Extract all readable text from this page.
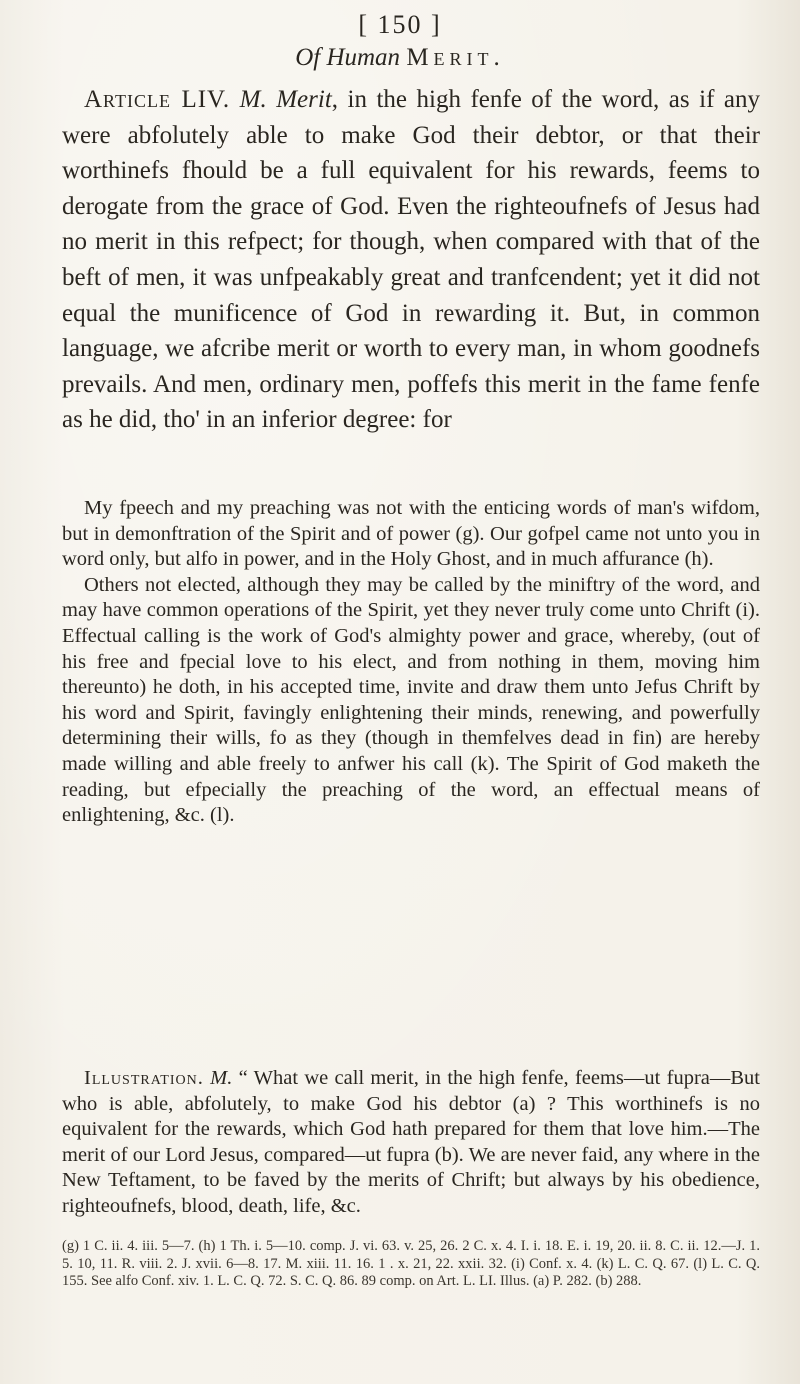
[ 150 ]
Of Human Merit.

Article LIV. M. Merit, in the high fenfe of the word, as if any were abfolutely able to make God their debtor, or that their worthinefs fhould be a full equivalent for his rewards, feems to derogate from the grace of God. Even the righteoufnefs of Jesus had no merit in this refpect; for though, when compared with that of the beft of men, it was unfpeakably great and tranfcendent; yet it did not equal the munificence of God in rewarding it. But, in common language, we afcribe merit or worth to every man, in whom goodnefs prevails. And men, ordinary men, poffefs this merit in the fame fenfe as he did, tho' in an inferior degree: for

My fpeech and my preaching was not with the enticing words of man's wifdom, but in demonftration of the Spirit and of power (g). Our gofpel came not unto you in word only, but alfo in power, and in the Holy Ghost, and in much affurance (h).

Others not elected, although they may be called by the miniftry of the word, and may have common operations of the Spirit, yet they never truly come unto Chrift (i). Effectual calling is the work of God's almighty power and grace, whereby, (out of his free and fpecial love to his elect, and from nothing in them, moving him thereunto) he doth, in his accepted time, invite and draw them unto Jefus Chrift by his word and Spirit, favingly enlightening their minds, renewing, and powerfully determining their wills, fo as they (though in themfelves dead in fin) are hereby made willing and able freely to anfwer his call (k). The Spirit of God maketh the reading, but efpecially the preaching of the word, an effectual means of enlightening, &c. (l).

Illustration. M. “ What we call merit, in the high fenfe, feems—ut fupra—But who is able, abfolutely, to make God his debtor (a) ? This worthinefs is no equivalent for the rewards, which God hath prepared for them that love him.—The merit of our Lord Jesus, compared—ut fupra (b). We are never faid, any where in the New Teftament, to be faved by the merits of Chrift; but always by his obedience, righteoufnefs, blood, death, life, &c.

(g) 1 C. ii. 4. iii. 5—7. (h) 1 Th. i. 5—10. comp. J. vi. 63. v. 25, 26. 2 C. x. 4. I. i. 18. E. i. 19, 20. ii. 8. C. ii. 12.—J. 1. 5. 10, 11. R. viii. 2. J. xvii. 6—8. 17. M. xiii. 11. 16. 1 . x. 21, 22. xxii. 32. (i) Conf. x. 4. (k) L. C. Q. 67. (l) L. C. Q. 155. See alfo Conf. xiv. 1. L. C. Q. 72. S. C. Q. 86. 89 comp. on Art. L. LI. Illus. (a) P. 282. (b) 288.
